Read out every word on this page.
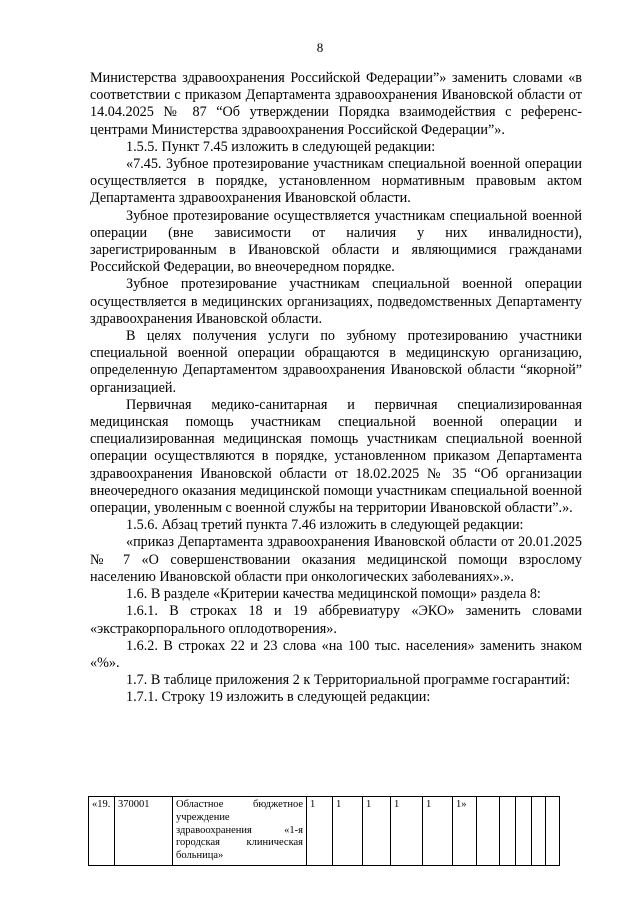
8

Министерства здравоохранения Российской Федерации”» заменить словами «в соответствии с приказом Департамента здравоохранения Ивановской области от 14.04.2025 № 87 “Об утверждении Порядка взаимодействия с референс-центрами Министерства здравоохранения Российской Федерации”».

1.5.5. Пункт 7.45 изложить в следующей редакции:

«7.45. Зубное протезирование участникам специальной военной операции осуществляется в порядке, установленном нормативным правовым актом Департамента здравоохранения Ивановской области.

Зубное протезирование осуществляется участникам специальной военной операции (вне зависимости от наличия у них инвалидности), зарегистрированным в Ивановской области и являющимися гражданами Российской Федерации, во внеочередном порядке.

Зубное протезирование участникам специальной военной операции осуществляется в медицинских организациях, подведомственных Департаменту здравоохранения Ивановской области.

В целях получения услуги по зубному протезированию участники специальной военной операции обращаются в медицинскую организацию, определенную Департаментом здравоохранения Ивановской области “якорной” организацией.

Первичная медико-санитарная и первичная специализированная медицинская помощь участникам специальной военной операции и специализированная медицинская помощь участникам специальной военной операции осуществляются в порядке, установленном приказом Департамента здравоохранения Ивановской области от 18.02.2025 № 35 “Об организации внеочередного оказания медицинской помощи участникам специальной военной операции, уволенным с военной службы на территории Ивановской области”.».

1.5.6. Абзац третий пункта 7.46 изложить в следующей редакции:

«приказ Департамента здравоохранения Ивановской области от 20.01.2025 № 7 «О совершенствовании оказания медицинской помощи взрослому населению Ивановской области при онкологических заболеваниях».».

1.6. В разделе «Критерии качества медицинской помощи» раздела 8:

1.6.1. В строках 18 и 19 аббревиатуру «ЭКО» заменить словами «экстракорпорального оплодотворения».

1.6.2. В строках 22 и 23 слова «на 100 тыс. населения» заменить знаком «%».

1.7. В таблице приложения 2 к Территориальной программе госгарантий:

1.7.1. Строку 19 изложить в следующей редакции:

«19.	370001	Областное бюджетное учреждение здравоохранения «1-я городская клиническая больница»	1	1	1	1	1	1»					
